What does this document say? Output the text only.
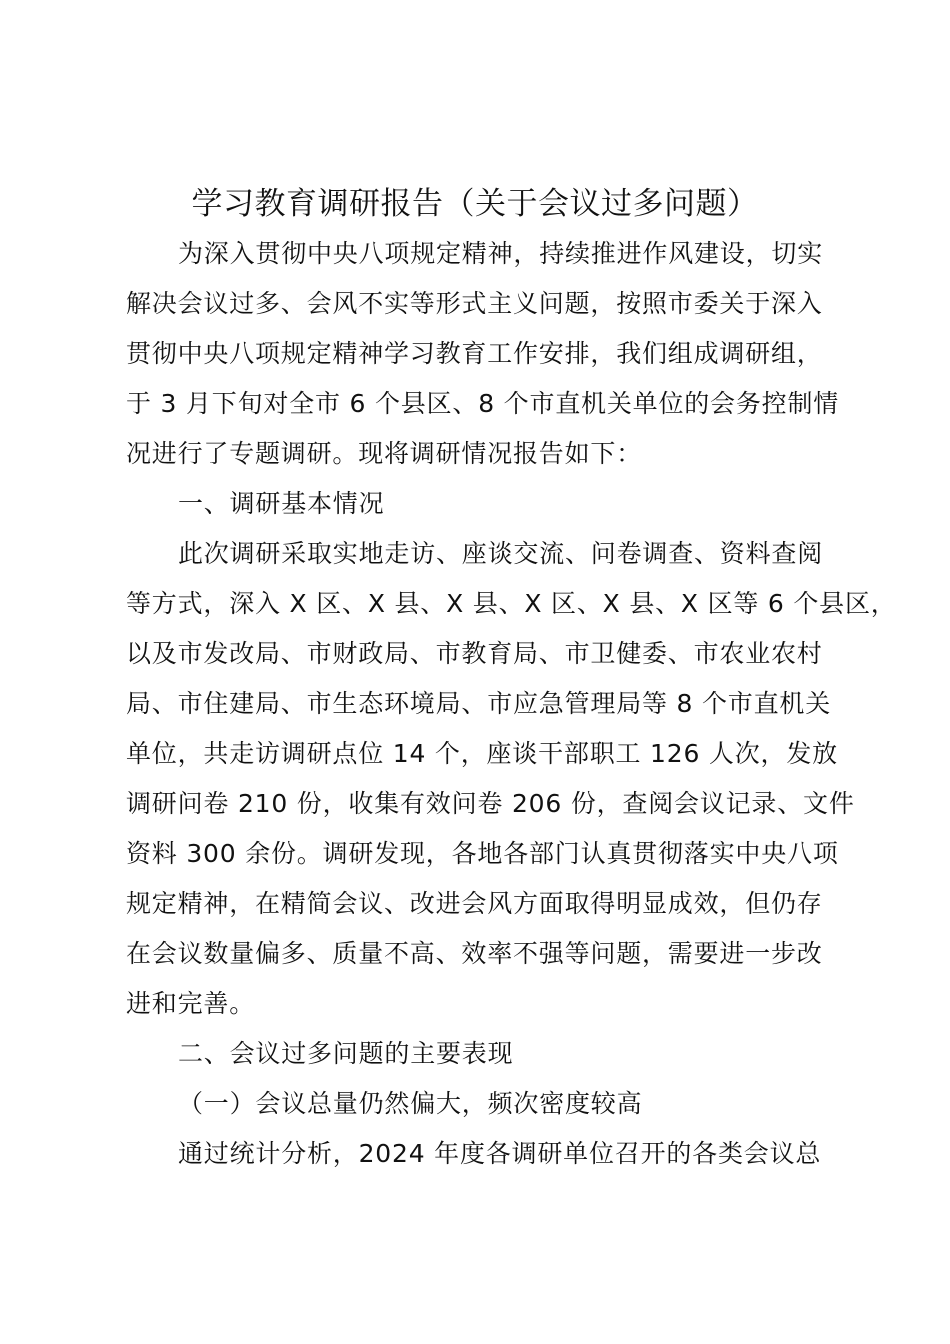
学习教育调研报告（关于会议过多问题）
为深入贯彻中央八项规定精神，持续推进作风建设，切实
解决会议过多、会风不实等形式主义问题，按照市委关于深入
贯彻中央八项规定精神学习教育工作安排，我们组成调研组，
于 3 月下旬对全市 6 个县区、8 个市直机关单位的会务控制情
况进行了专题调研。现将调研情况报告如下：
一、调研基本情况
此次调研采取实地走访、座谈交流、问卷调查、资料查阅
等方式，深入 X 区、X 县、X 县、X 区、X 县、X 区等 6 个县区，
以及市发改局、市财政局、市教育局、市卫健委、市农业农村
局、市住建局、市生态环境局、市应急管理局等 8 个市直机关
单位，共走访调研点位 14 个，座谈干部职工 126 人次，发放
调研问卷 210 份，收集有效问卷 206 份，查阅会议记录、文件
资料 300 余份。调研发现，各地各部门认真贯彻落实中央八项
规定精神，在精简会议、改进会风方面取得明显成效，但仍存
在会议数量偏多、质量不高、效率不强等问题，需要进一步改
进和完善。
二、会议过多问题的主要表现
（一）会议总量仍然偏大，频次密度较高
通过统计分析，2024 年度各调研单位召开的各类会议总
